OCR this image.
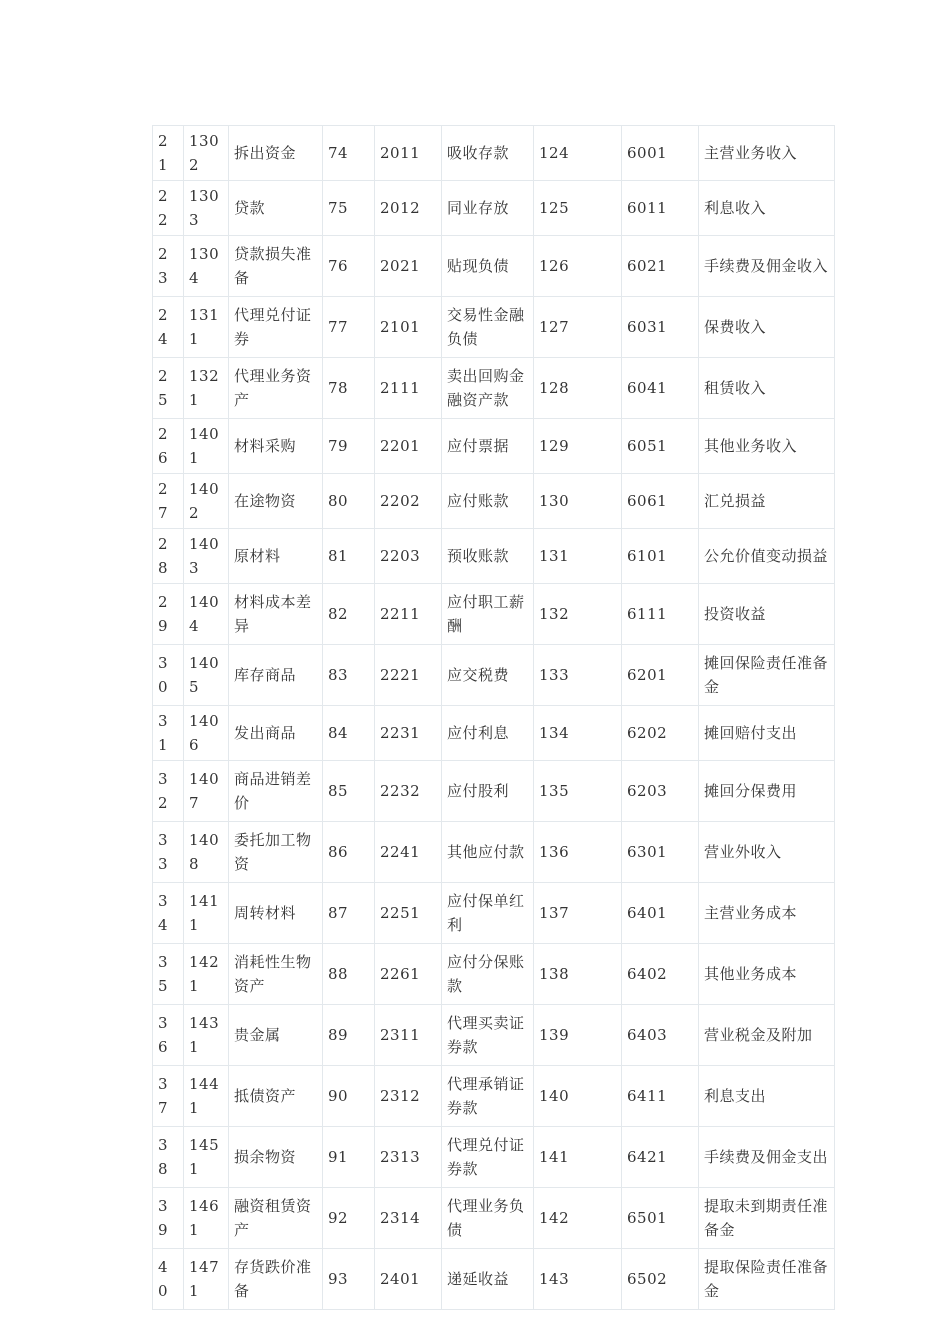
21	1302	拆出资金	74	2011	吸收存款	124	6001	主营业务收入
22	1303	贷款	75	2012	同业存放	125	6011	利息收入
23	1304	贷款损失准备	76	2021	贴现负债	126	6021	手续费及佣金收入
24	1311	代理兑付证券	77	2101	交易性金融负债	127	6031	保费收入
25	1321	代理业务资产	78	2111	卖出回购金融资产款	128	6041	租赁收入
26	1401	材料采购	79	2201	应付票据	129	6051	其他业务收入
27	1402	在途物资	80	2202	应付账款	130	6061	汇兑损益
28	1403	原材料	81	2203	预收账款	131	6101	公允价值变动损益
29	1404	材料成本差异	82	2211	应付职工薪酬	132	6111	投资收益
30	1405	库存商品	83	2221	应交税费	133	6201	摊回保险责任准备金
31	1406	发出商品	84	2231	应付利息	134	6202	摊回赔付支出
32	1407	商品进销差价	85	2232	应付股利	135	6203	摊回分保费用
33	1408	委托加工物资	86	2241	其他应付款	136	6301	营业外收入
34	1411	周转材料	87	2251	应付保单红利	137	6401	主营业务成本
35	1421	消耗性生物资产	88	2261	应付分保账款	138	6402	其他业务成本
36	1431	贵金属	89	2311	代理买卖证券款	139	6403	营业税金及附加
37	1441	抵债资产	90	2312	代理承销证券款	140	6411	利息支出
38	1451	损余物资	91	2313	代理兑付证券款	141	6421	手续费及佣金支出
39	1461	融资租赁资产	92	2314	代理业务负债	142	6501	提取未到期责任准备金
40	1471	存货跌价准备	93	2401	递延收益	143	6502	提取保险责任准备金
